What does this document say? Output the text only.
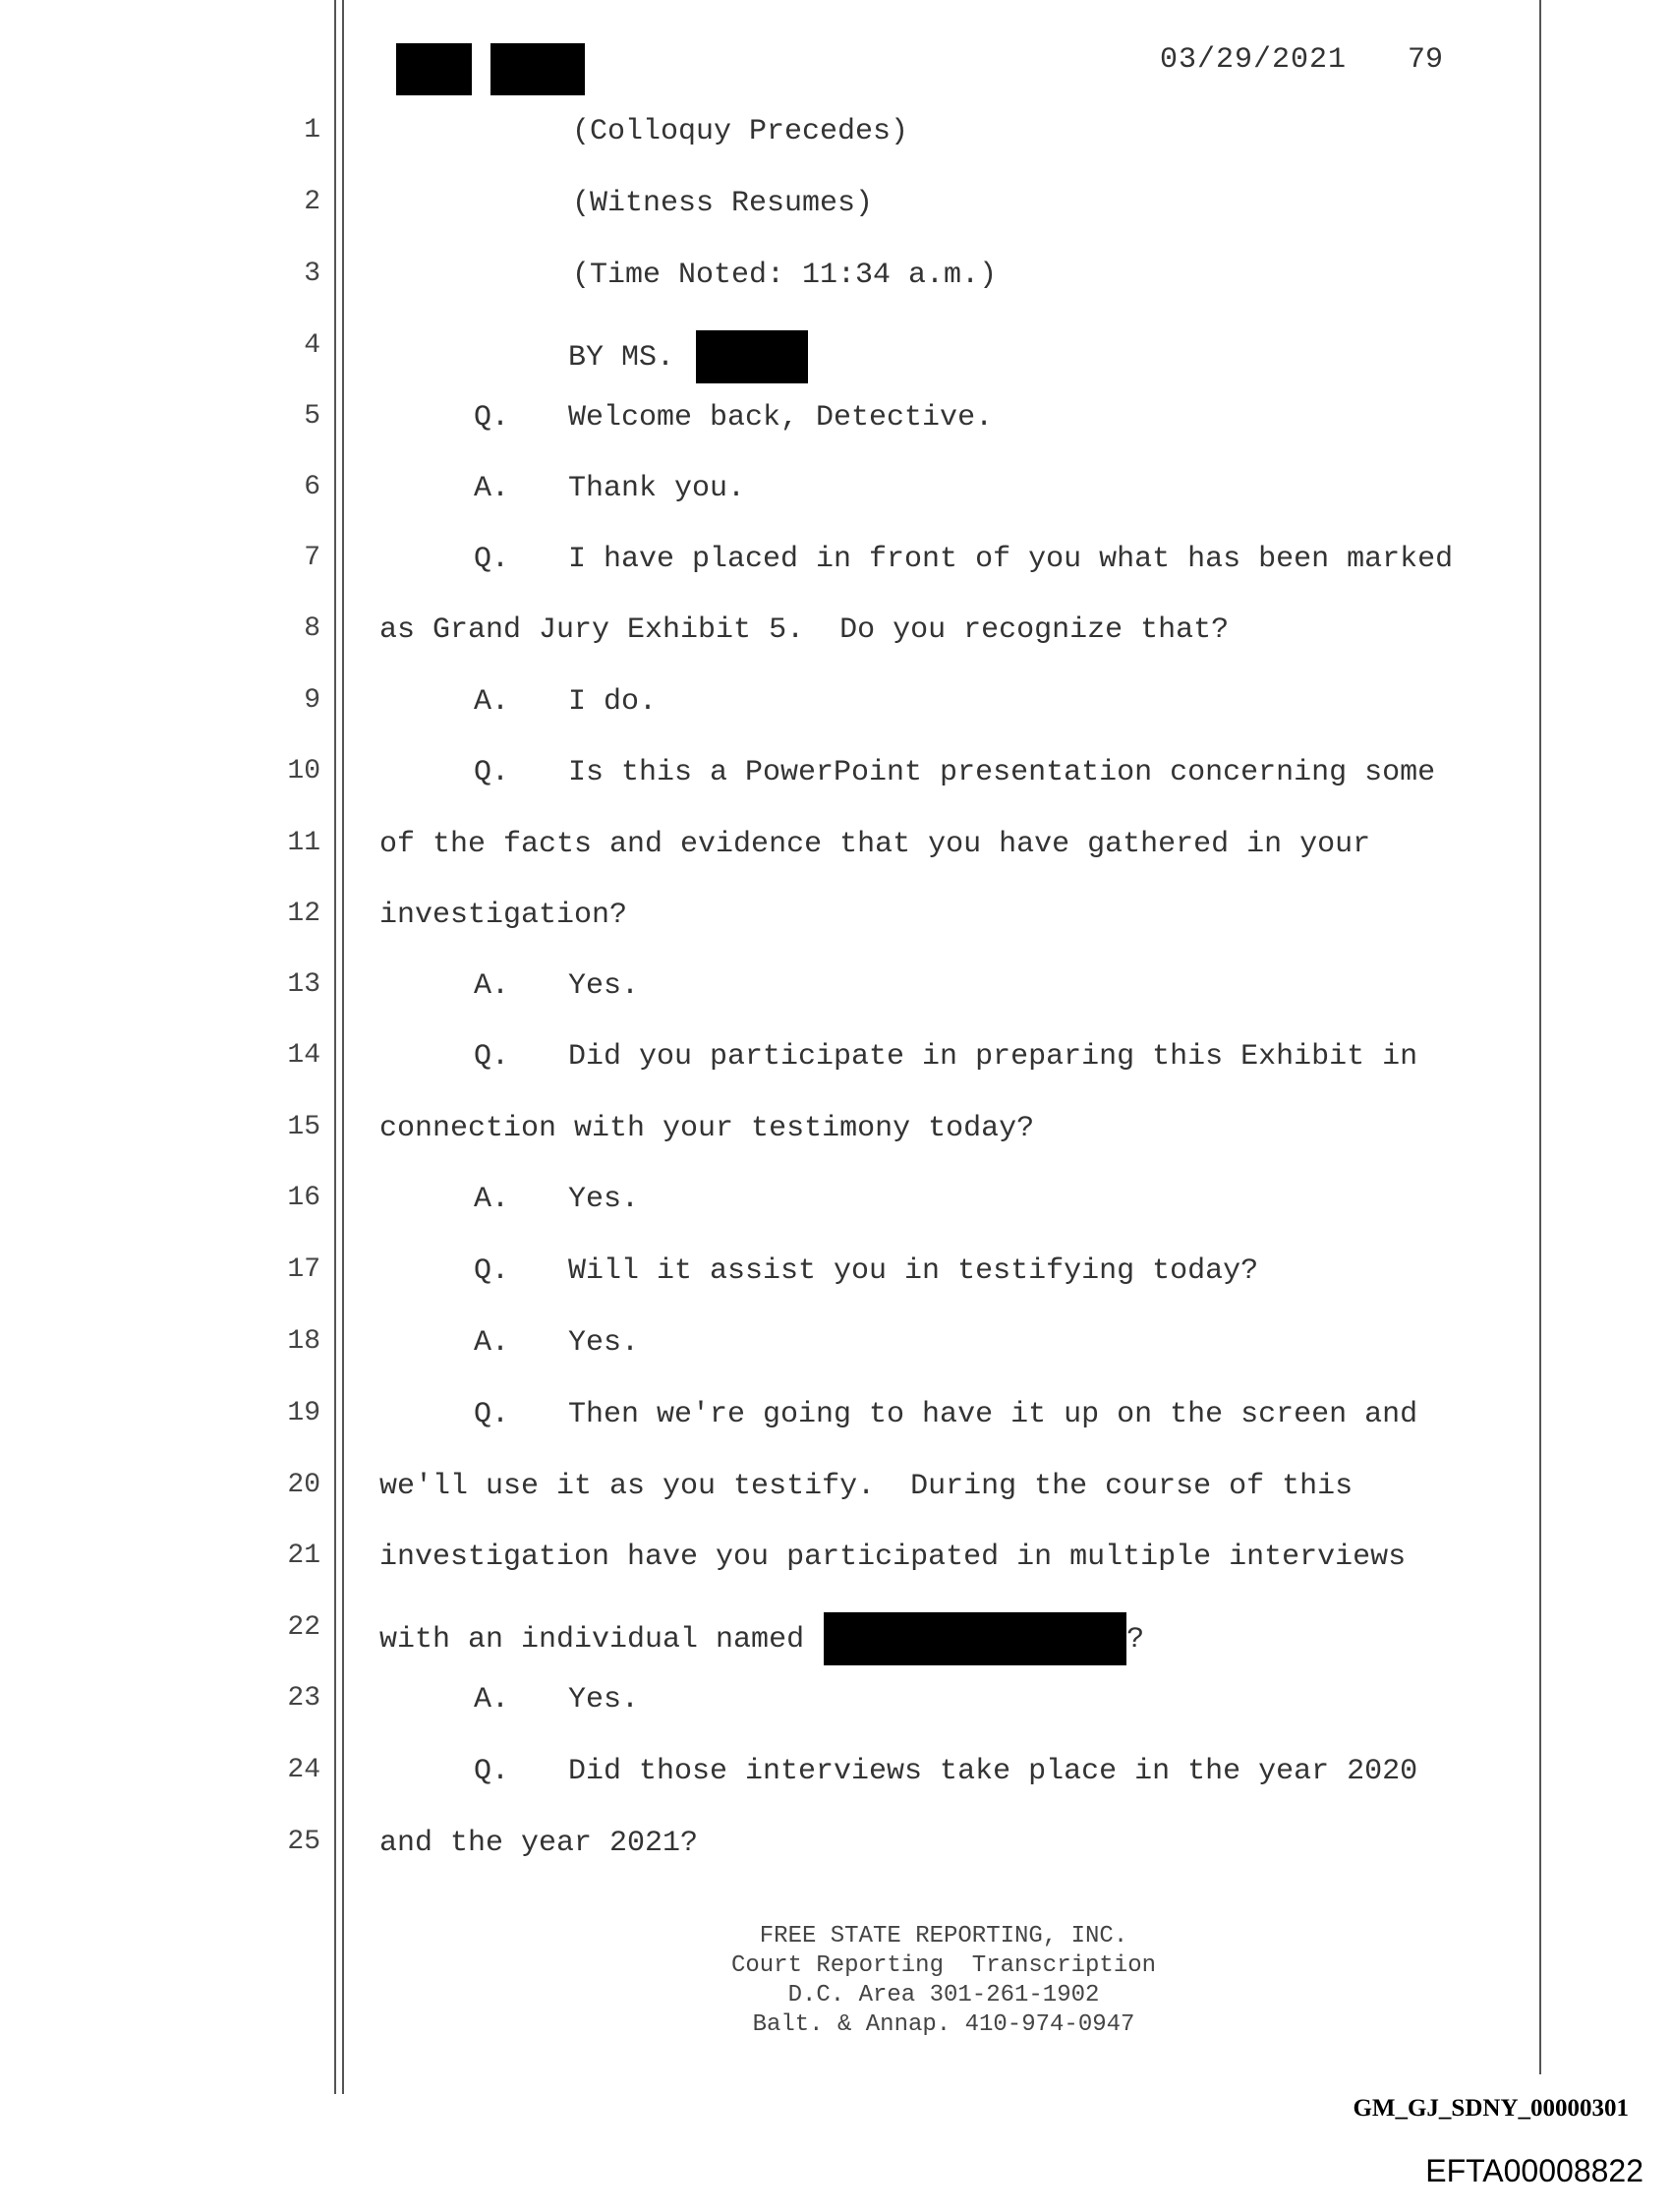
03/29/2021 79
1	(Colloquy Precedes)
2	(Witness Resumes)
3	(Time Noted: 11:34 a.m.)
4	BY MS.
5	Q. Welcome back, Detective.
6	A. Thank you.
7	Q. I have placed in front of you what has been marked
8 as Grand Jury Exhibit 5.  Do you recognize that?
9	A. I do.
10	Q. Is this a PowerPoint presentation concerning some
11 of the facts and evidence that you have gathered in your
12 investigation?
13	A. Yes.
14	Q. Did you participate in preparing this Exhibit in
15 connection with your testimony today?
16	A. Yes.
17	Q. Will it assist you in testifying today?
18	A. Yes.
19	Q. Then we're going to have it up on the screen and
20 we'll use it as you testify.  During the course of this
21 investigation have you participated in multiple interviews
22 with an individual named	?
23	A. Yes.
24	Q. Did those interviews take place in the year 2020
25 and the year 2021?
FREE STATE REPORTING, INC.
Court Reporting  Transcription
D.C. Area 301-261-1902
Balt. & Annap. 410-974-0947
GM_GJ_SDNY_00000301
EFTA00008822
